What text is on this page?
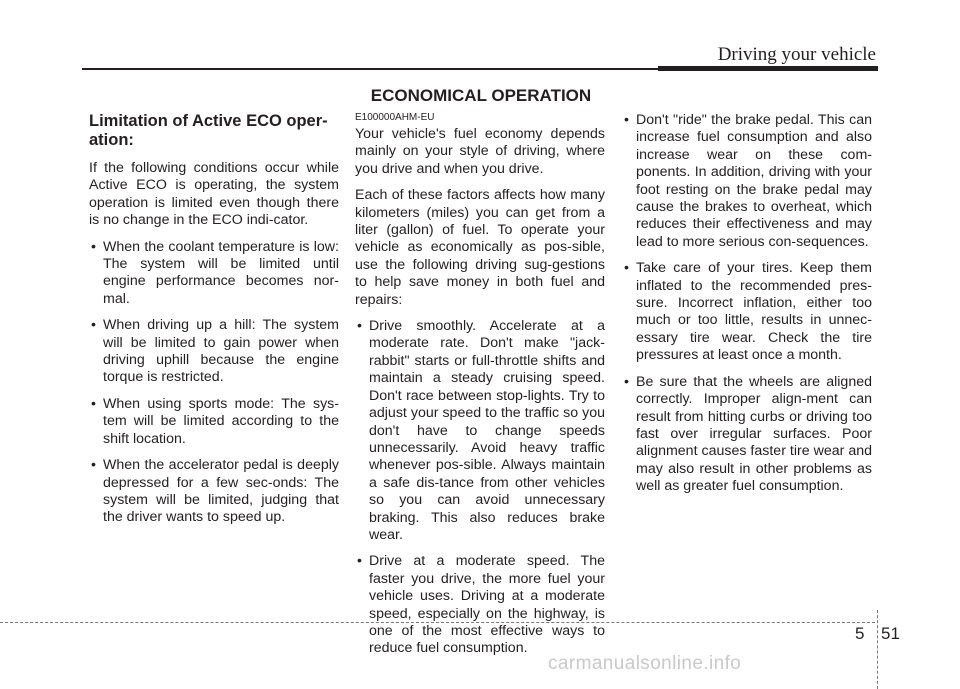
Driving your vehicle
ECONOMICAL OPERATION
Limitation of Active ECO oper-
ation:

If the following conditions occur while Active ECO is operating, the system operation is limited even though there is no change in the ECO indi-cator.

• When the coolant temperature is low: The system will be limited until engine performance becomes nor-mal.
• When driving up a hill: The system will be limited to gain power when driving uphill because the engine torque is restricted.
• When using sports mode: The sys-tem will be limited according to the shift location.
• When the accelerator pedal is deeply depressed for a few sec-onds: The system will be limited, judging that the driver wants to speed up.
E100000AHM-EU

Your vehicle's fuel economy depends mainly on your style of driving, where you drive and when you drive.

Each of these factors affects how many kilometers (miles) you can get from a liter (gallon) of fuel. To operate your vehicle as economically as pos-sible, use the following driving sug-gestions to help save money in both fuel and repairs:

• Drive smoothly. Accelerate at a moderate rate. Don't make "jack-rabbit" starts or full-throttle shifts and maintain a steady cruising speed. Don't race between stop-lights. Try to adjust your speed to the traffic so you don't have to change speeds unnecessarily. Avoid heavy traffic whenever pos-sible. Always maintain a safe dis-tance from other vehicles so you can avoid unnecessary braking. This also reduces brake wear.
• Drive at a moderate speed. The faster you drive, the more fuel your vehicle uses. Driving at a moderate speed, especially on the highway, is one of the most effective ways to reduce fuel consumption.
• Don't "ride" the brake pedal. This can increase fuel consumption and also increase wear on these com-ponents. In addition, driving with your foot resting on the brake pedal may cause the brakes to overheat, which reduces their effectiveness and may lead to more serious con-sequences.
• Take care of your tires. Keep them inflated to the recommended pres-sure. Incorrect inflation, either too much or too little, results in unnec-essary tire wear. Check the tire pressures at least once a month.
• Be sure that the wheels are aligned correctly. Improper align-ment can result from hitting curbs or driving too fast over irregular surfaces. Poor alignment causes faster tire wear and may also result in other problems as well as greater fuel consumption.
5 51
carmanualsonline.info
